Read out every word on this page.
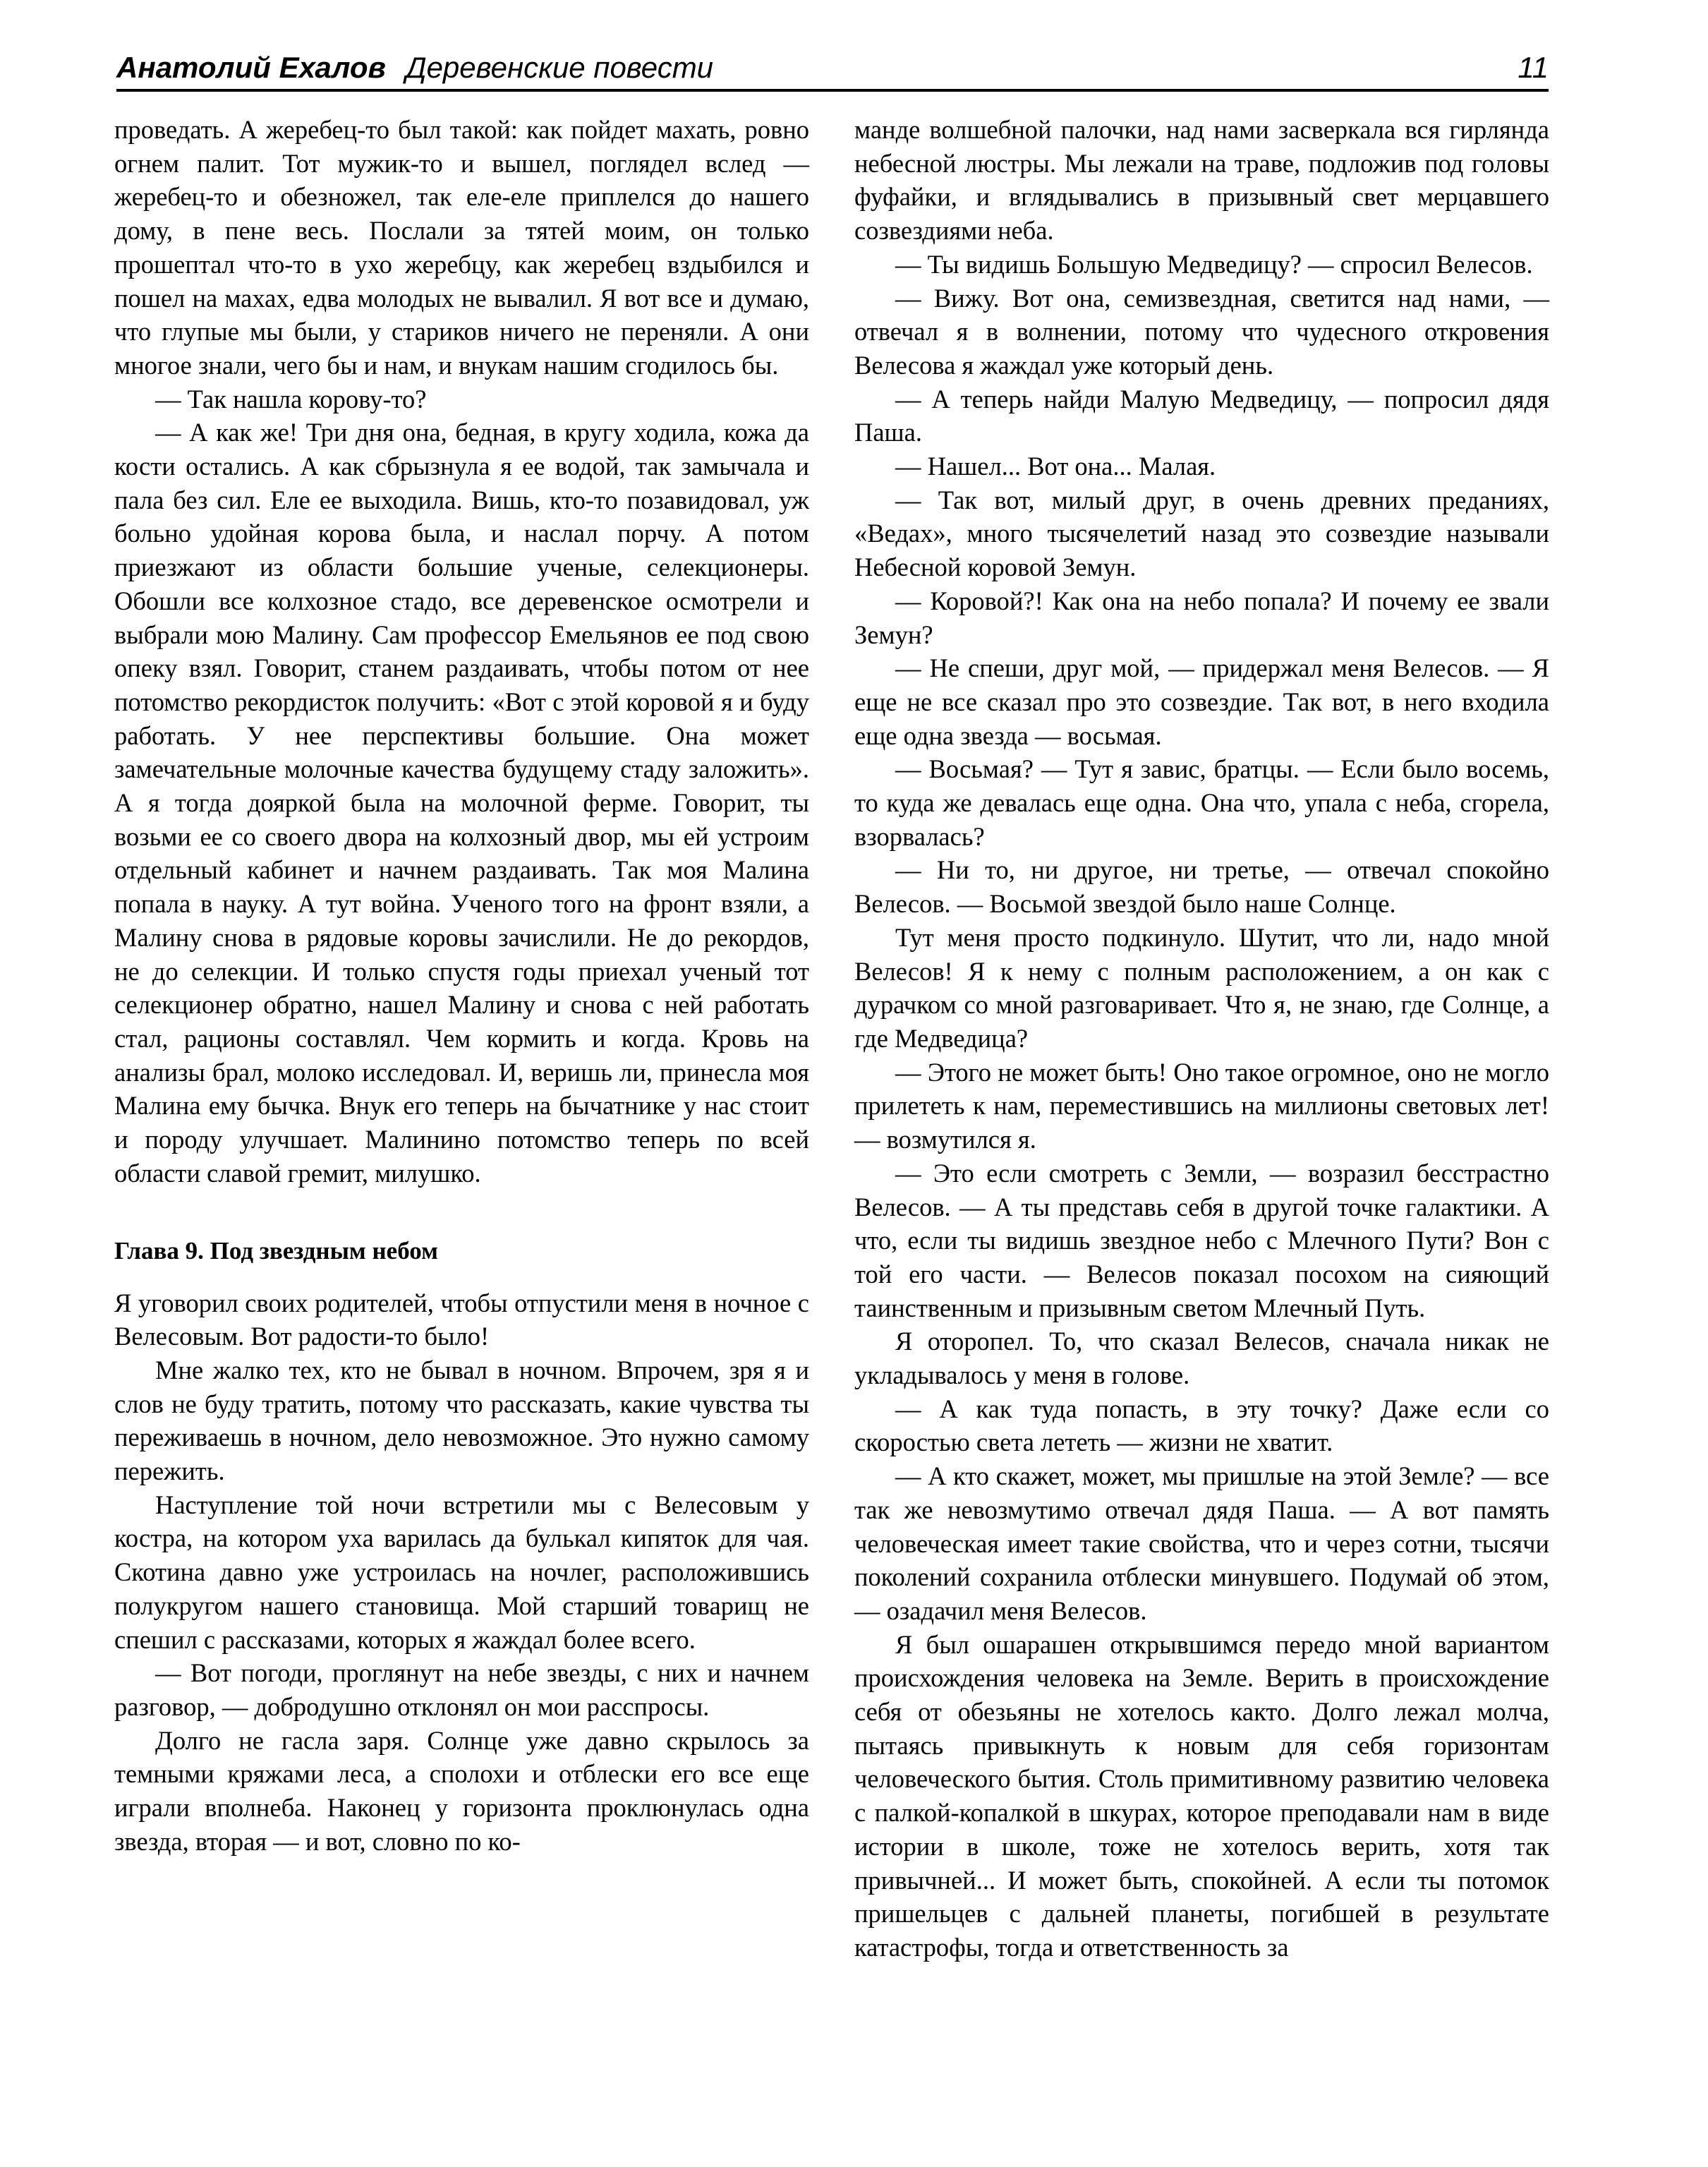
Анатолий Ехалов Деревенские повести	11

проведать. А жеребец-то был такой: как пойдет махать, ровно огнем палит. Тот мужик-то и вышел, поглядел вслед — жеребец-то и обезножел, так еле-еле приплелся до нашего дому, в пене весь. Послали за тятей моим, он только прошептал что-то в ухо жеребцу, как жеребец вздыбился и пошел на махах, едва молодых не вывалил. Я вот все и думаю, что глупые мы были, у стариков ничего не переняли. А они многое знали, чего бы и нам, и внукам нашим сгодилось бы.

— Так нашла корову-то?

— А как же! Три дня она, бедная, в кругу ходила, кожа да кости остались. А как сбрызнула я ее водой, так замычала и пала без сил. Еле ее выходила. Вишь, кто-то позавидовал, уж больно удойная корова была, и наслал порчу. А потом приезжают из области большие ученые, селекционеры. Обошли все колхозное стадо, все деревенское осмотрели и выбрали мою Малину. Сам профессор Емельянов ее под свою опеку взял. Говорит, станем раздаивать, чтобы потом от нее потомство рекордисток получить: «Вот с этой коровой я и буду работать. У нее перспективы большие. Она может замечательные молочные качества будущему стаду заложить». А я тогда дояркой была на молочной ферме. Говорит, ты возьми ее со своего двора на колхозный двор, мы ей устроим отдельный кабинет и начнем раздаивать. Так моя Малина попала в науку. А тут война. Ученого того на фронт взяли, а Малину снова в рядовые коровы зачислили. Не до рекордов, не до селекции. И только спустя годы приехал ученый тот селекционер обратно, нашел Малину и снова с ней работать стал, рационы составлял. Чем кормить и когда. Кровь на анализы брал, молоко исследовал. И, веришь ли, принесла моя Малина ему бычка. Внук его теперь на бычатнике у нас стоит и породу улучшает. Малинино потомство теперь по всей области славой гремит, милушко.

Глава 9. Под звездным небом

Я уговорил своих родителей, чтобы отпустили меня в ночное с Велесовым. Вот радости-то было!

Мне жалко тех, кто не бывал в ночном. Впрочем, зря я и слов не буду тратить, потому что рассказать, какие чувства ты переживаешь в ночном, дело невозможное. Это нужно самому пережить.

Наступление той ночи встретили мы с Велесовым у костра, на котором уха варилась да булькал кипяток для чая. Скотина давно уже устроилась на ночлег, расположившись полукругом нашего становища. Мой старший товарищ не спешил с рассказами, которых я жаждал более всего.

— Вот погоди, проглянут на небе звезды, с них и начнем разговор, — добродушно отклонял он мои расспросы.

Долго не гасла заря. Солнце уже давно скрылось за темными кряжами леса, а сполохи и отблески его все еще играли вполнеба. Наконец у горизонта проклюнулась одна звезда, вторая — и вот, словно по ко-

манде волшебной палочки, над нами засверкала вся гирлянда небесной люстры. Мы лежали на траве, подложив под головы фуфайки, и вглядывались в призывный свет мерцавшего созвездиями неба.

— Ты видишь Большую Медведицу? — спросил Велесов.

— Вижу. Вот она, семизвездная, светится над нами, — отвечал я в волнении, потому что чудесного откровения Велесова я жаждал уже который день.

— А теперь найди Малую Медведицу, — попросил дядя Паша.

— Нашел... Вот она... Малая.

— Так вот, милый друг, в очень древних преданиях, «Ведах», много тысячелетий назад это созвездие называли Небесной коровой Земун.

— Коровой?! Как она на небо попала? И почему ее звали Земун?

— Не спеши, друг мой, — придержал меня Велесов. — Я еще не все сказал про это созвездие. Так вот, в него входила еще одна звезда — восьмая.

— Восьмая? — Тут я завис, братцы. — Если было восемь, то куда же девалась еще одна. Она что, упала с неба, сгорела, взорвалась?

— Ни то, ни другое, ни третье, — отвечал спокойно Велесов. — Восьмой звездой было наше Солнце.

Тут меня просто подкинуло. Шутит, что ли, надо мной Велесов! Я к нему с полным расположением, а он как с дурачком со мной разговаривает. Что я, не знаю, где Солнце, а где Медведица?

— Этого не может быть! Оно такое огромное, оно не могло прилететь к нам, переместившись на миллионы световых лет! — возмутился я.

— Это если смотреть с Земли, — возразил бесстрастно Велесов. — А ты представь себя в другой точке галактики. А что, если ты видишь звездное небо с Млечного Пути? Вон с той его части. — Велесов показал посохом на сияющий таинственным и призывным светом Млечный Путь.

Я оторопел. То, что сказал Велесов, сначала никак не укладывалось у меня в голове.

— А как туда попасть, в эту точку? Даже если со скоростью света лететь — жизни не хватит.

— А кто скажет, может, мы пришлые на этой Земле? — все так же невозмутимо отвечал дядя Паша. — А вот память человеческая имеет такие свойства, что и через сотни, тысячи поколений сохранила отблески минувшего. Подумай об этом, — озадачил меня Велесов.

Я был ошарашен открывшимся передо мной вариантом происхождения человека на Земле. Верить в происхождение себя от обезьяны не хотелось както. Долго лежал молча, пытаясь привыкнуть к новым для себя горизонтам человеческого бытия. Столь примитивному развитию человека с палкой-копалкой в шкурах, которое преподавали нам в виде истории в школе, тоже не хотелось верить, хотя так привычней... И может быть, спокойней. А если ты потомок пришельцев с дальней планеты, погибшей в результате катастрофы, тогда и ответственность за
